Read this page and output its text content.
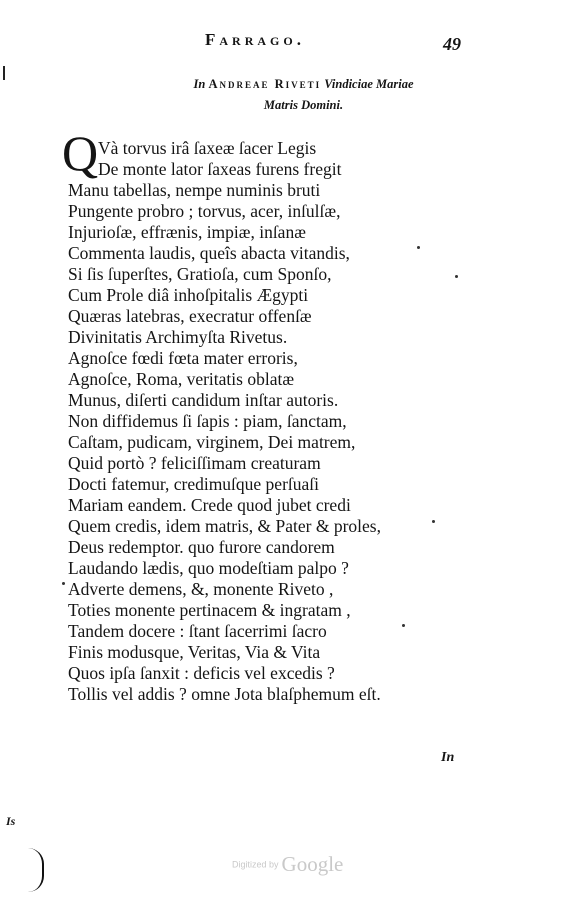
Farrago.	49
In Andreae Riveti Vindiciae Mariae
Matris Domini.
Q Và torvus irâ ſaxeæ ſacer Legis
De monte lator ſaxeas furens fregit
Manu tabellas, nempe numinis bruti
Pungente probro ; torvus, acer, inſulſæ,
Injurioſæ, effrænis, impiæ, inſanæ
Commenta laudis, queîs abacta vitandis,
Si ſis ſuperſtes, Gratioſa, cum Sponſo,
Cum Prole diâ inhoſpitalis Ægypti
Quæras latebras, execratur offenſæ
Divinitatis Archimyſta Rivetus.
Agnoſce fœdi fœta mater erroris,
Agnoſce, Roma, veritatis oblatæ
Munus, diſerti candidum inſtar autoris.
Non diffidemus ſi ſapis : piam, ſanctam,
Caſtam, pudicam, virginem, Dei matrem,
Quid portò ? feliciſſimam creaturam
Docti fatemur, credimuſque perſuaſi
Mariam eandem. Crede quod jubet credi
Quem credis, idem matris, & Pater & proles,
Deus redemptor. quo furore candorem
Laudando lædis, quo modeſtiam palpo ?
Adverte demens, &, monente Riveto ,
Toties monente pertinacem & ingratam ,
Tandem docere : ſtant ſacerrimi ſacro
Finis modusque, Veritas, Via & Vita
Quos ipſa ſanxit : deficis vel excedis ?
Tollis vel addis ? omne Jota blaſphemum eſt.
In
Is
Digitized by Google
